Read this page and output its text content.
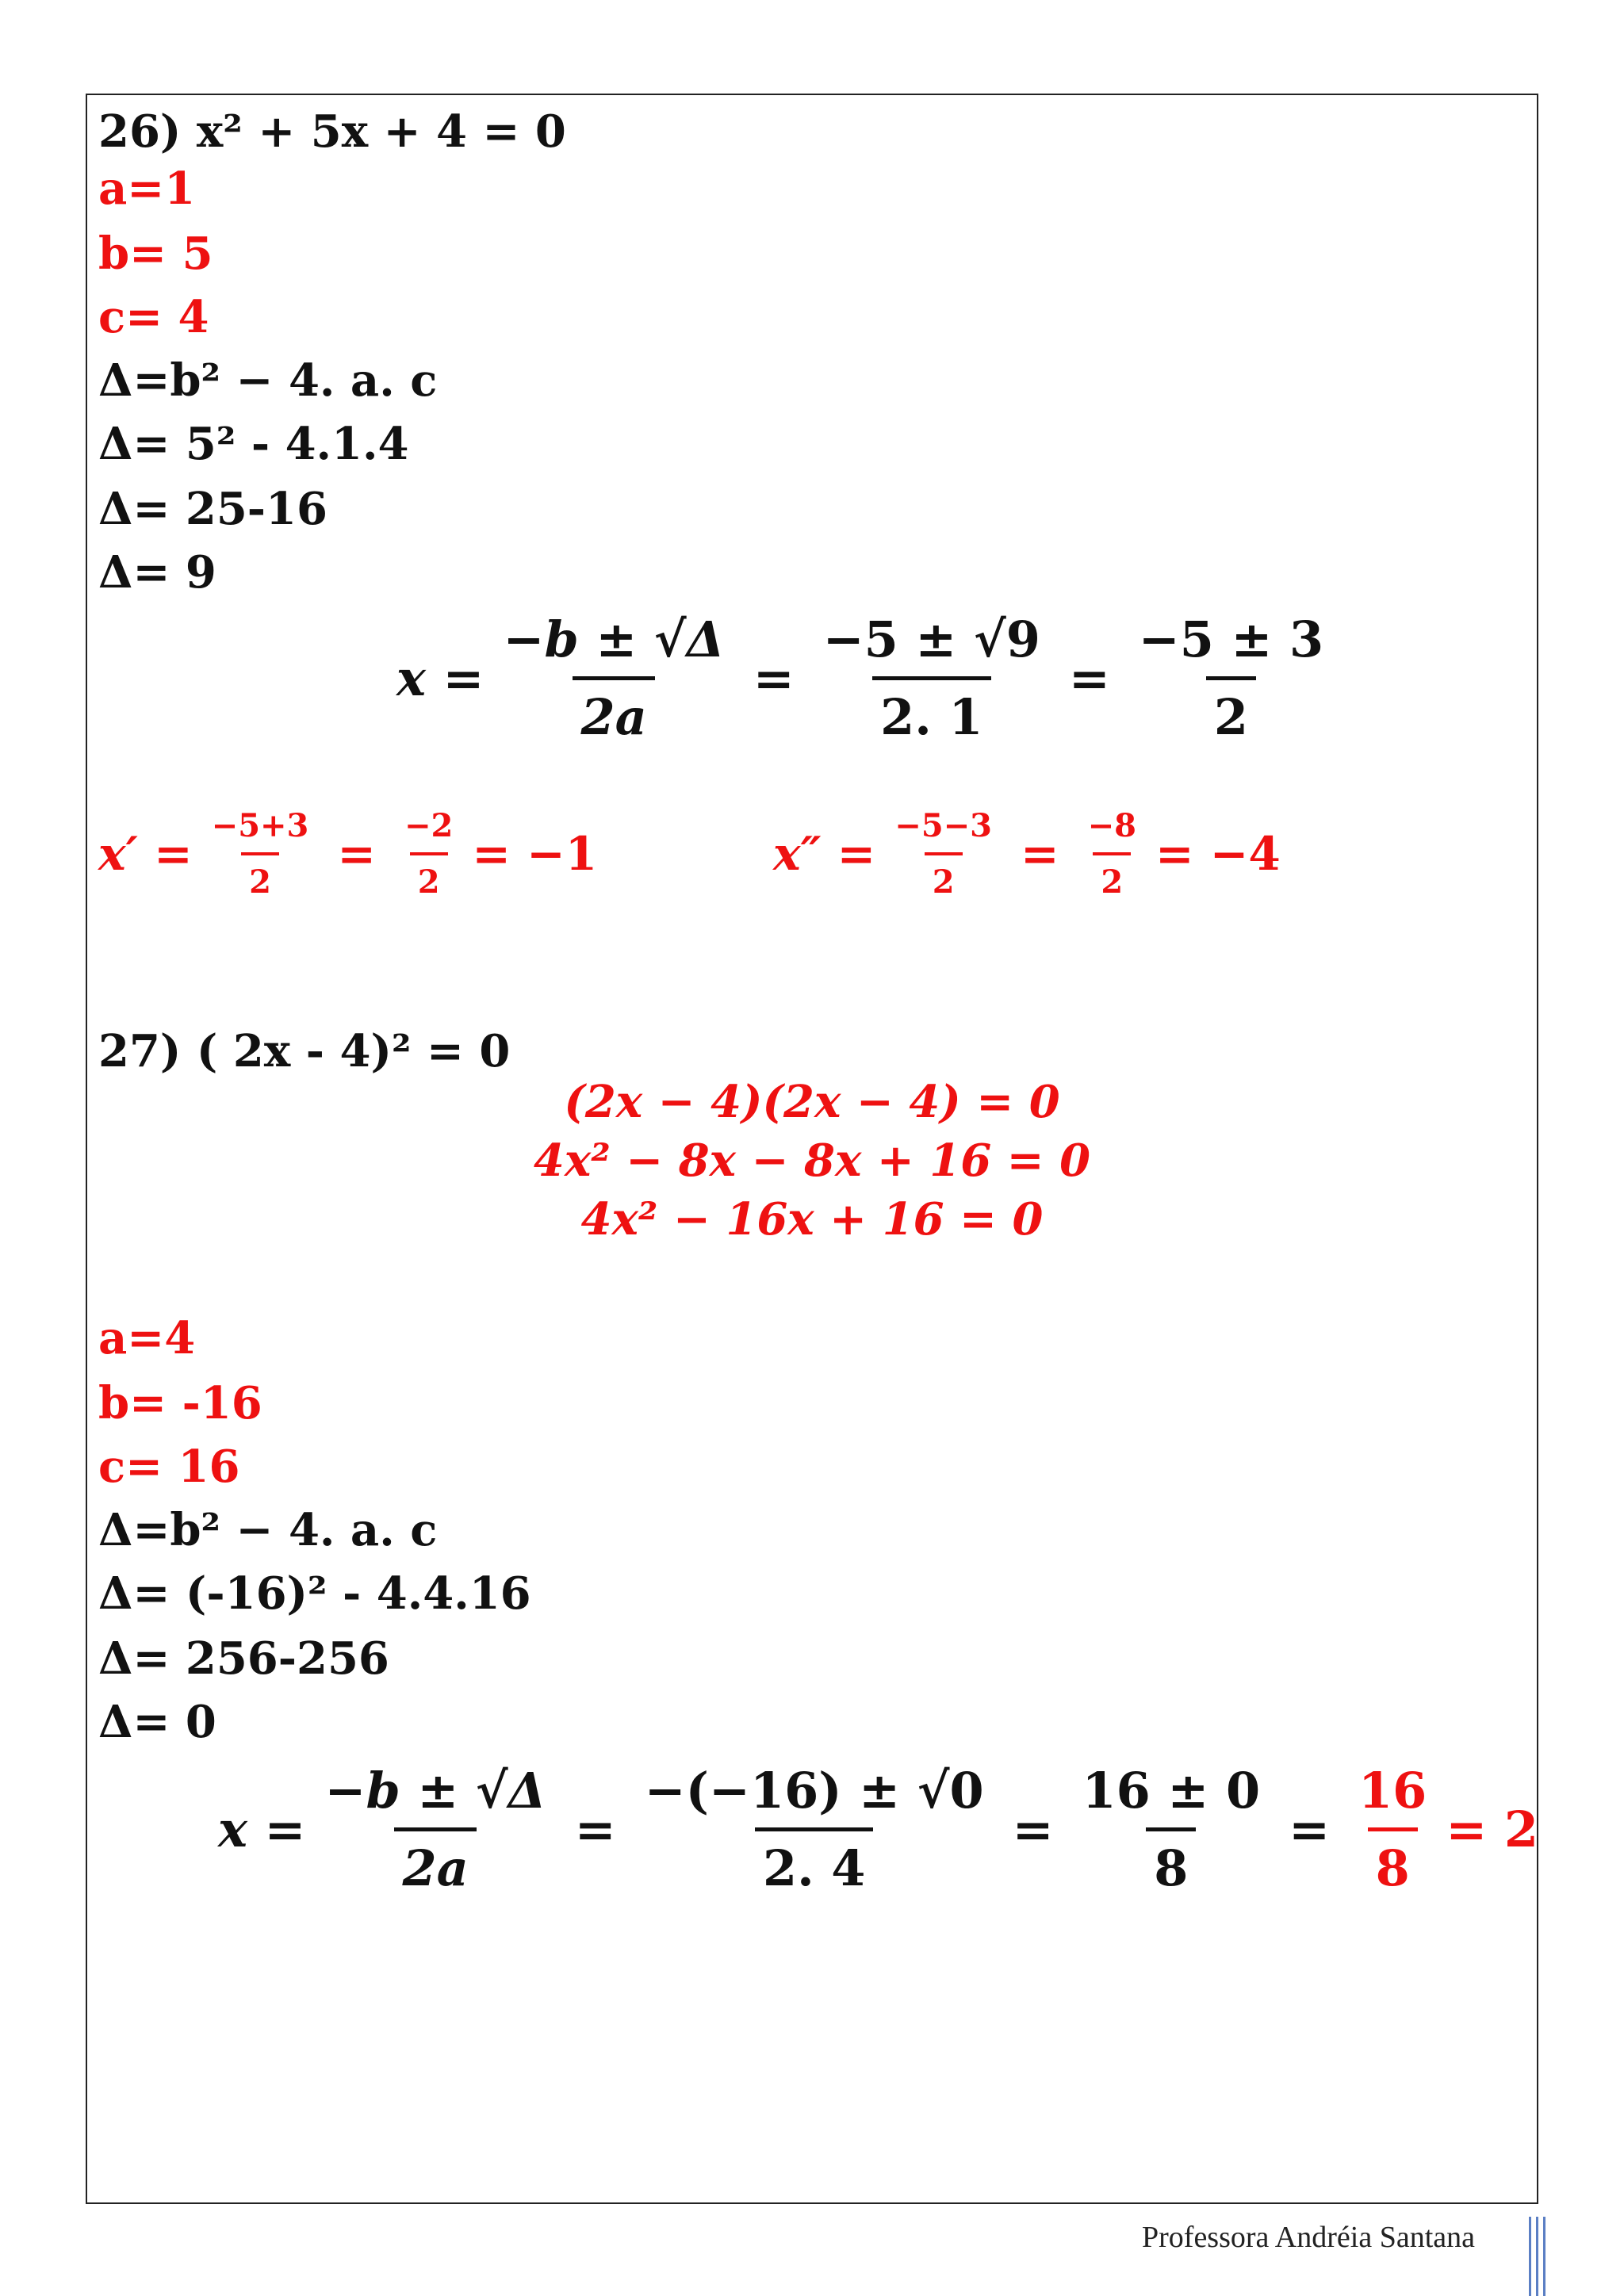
26) x² + 5x + 4 = 0
a=1
b= 5
c= 4
Δ=b² − 4. a. c
Δ= 5² - 4.1.4
Δ= 25-16
Δ= 9
$x = \frac{-b \pm √\Delta}{2a} = \frac{-5 \pm √9}{2. 1} = \frac{-5 \pm 3}{2}$
$x' = \frac{-5+3}{2} = \frac{-2}{2} = -1$	$x'' = \frac{-5-3}{2} = \frac{-8}{2} = -4$
27) ( 2x - 4)² = 0
(2x − 4)(2x − 4) = 0
4x² − 8x − 8x + 16 = 0
4x² − 16x + 16 = 0
a=4
b= -16
c= 16
Δ=b² − 4. a. c
Δ= (-16)² - 4.4.16
Δ= 256-256
Δ= 0
$x = \frac{-b \pm √\Delta}{2a} = \frac{-(-16) \pm √0}{2. 4} = \frac{16 \pm 0}{8} = \frac{16}{8} = 2$
Professora Andréia Santana
